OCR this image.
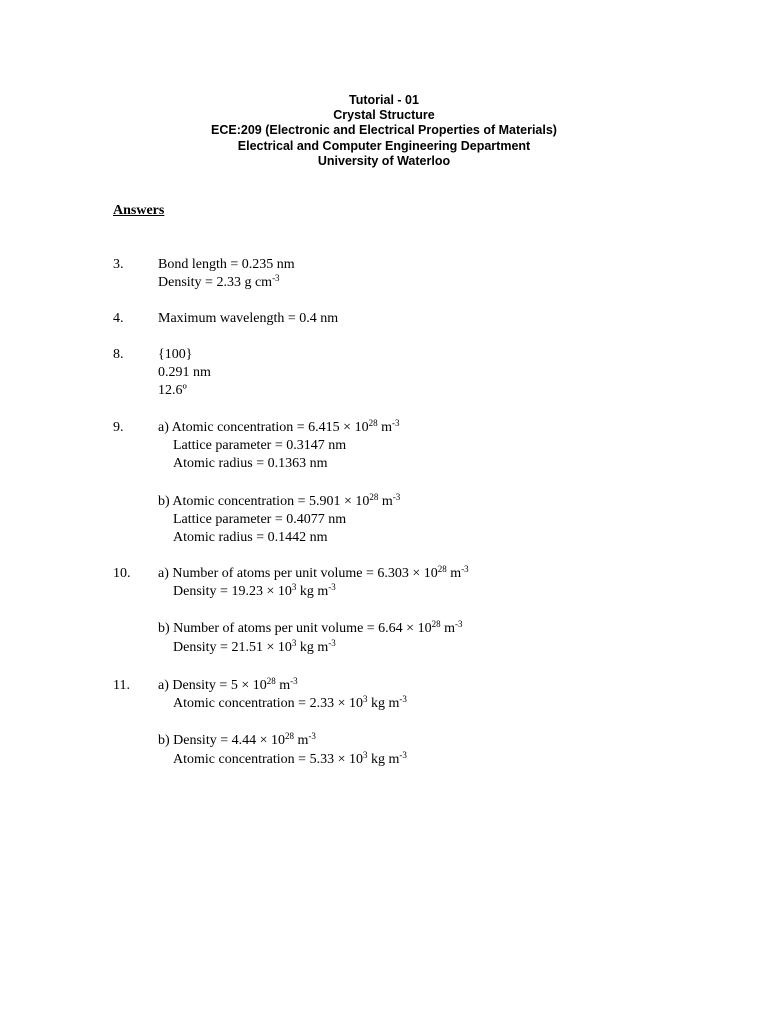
Tutorial - 01
Crystal Structure
ECE:209 (Electronic and Electrical Properties of Materials)
Electrical and Computer Engineering Department
University of Waterloo
Answers
3. Bond length = 0.235 nm
Density = 2.33 g $cm^{-3}$
4. Maximum wavelength = 0.4 nm
8. {100}
0.291 nm
12.6º
9. a) Atomic concentration = $6.415 \times 10^{28}$ $m^{-3}$
Lattice parameter = 0.3147 nm
Atomic radius = 0.1363 nm
b) Atomic concentration = $5.901 \times 10^{28}$ $m^{-3}$
Lattice parameter = 0.4077 nm
Atomic radius = 0.1442 nm
10. a) Number of atoms per unit volume = $6.303 \times 10^{28}$ $m^{-3}$
Density = $19.23 \times 10^3$ kg $m^{-3}$
b) Number of atoms per unit volume = $6.64 \times 10^{28}$ $m^{-3}$
Density = $21.51 \times 10^3$ kg $m^{-3}$
11. a) Density = $5 \times 10^{28}$ $m^{-3}$
Atomic concentration = $2.33 \times 10^3$ kg $m^{-3}$
b) Density = $4.44 \times 10^{28}$ $m^{-3}$
Atomic concentration = $5.33 \times 10^3$ kg $m^{-3}$
